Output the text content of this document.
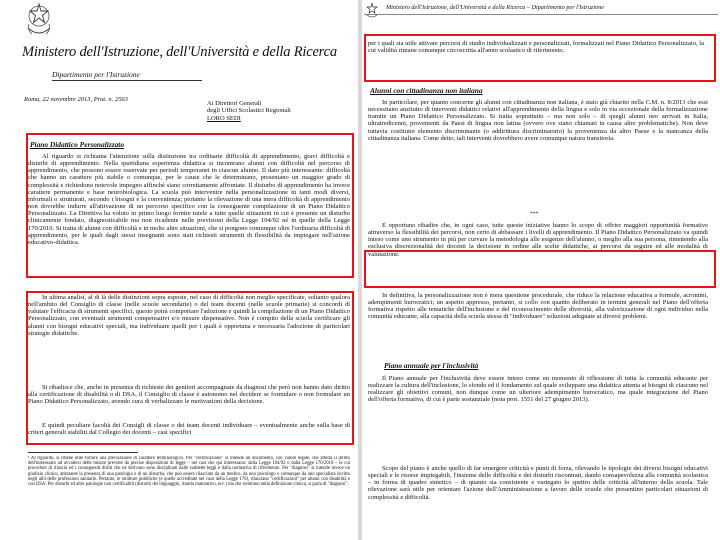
Ministero dell'Istruzione, dell'Università e della Ricerca
Dipartimento per l'Istruzione
Roma, 22 novembre 2013, Prot. n. 2563
Ai Direttori Generali
degli Uffici Scolastici Regionali
LORO SEDI
Piano Didattico Personalizzato
Al riguardo si richiama l'attenzione sulla distinzione tra ordinarie difficoltà di apprendimento, gravi difficoltà e disturbi di apprendimento. Nella quotidiana esperienza didattica si incontrano alunni con difficoltà nel percorso di apprendimento, che possono essere osservate per periodi temporanei in ciascun alunno. Il dato più interessante: difficoltà che hanno un carattere più stabile o comunque, per le cause che le determinano, presentano un maggior grado di complessità e richiedono notevole impegno affinché siano correttamente affrontate. Il disturbo di apprendimento ha invece carattere permanente e base neurobiologica. La scuola può intervenire nella personalizzazione in tanti modi diversi, informali o strutturati, secondo i bisogni e la convenienza; pertanto la rilevazione di una mera difficoltà di apprendimento non dovrebbe indurre all'attivazione di un percorso specifico con la conseguente compilazione di un Piano Didattico Personalizzato. La Direttiva ha voluto in primo luogo fornire tutele a tutte quelle situazioni in cui è presente un disturbo clinicamente fondato, diagnosticabile ma non ricadente nelle previsioni della Legge 104/92 né in quelle della Legge 170/2010. Si tratta di alunni con difficoltà e in molte altre situazioni, che si pongono comunque oltre l'ordinaria difficoltà di apprendimento, per le quali dagli stessi insegnanti sono stati richiesti strumenti di flessibilità da impiegare nell'azione educativo-didattica.
In ultima analisi, al di là delle distinzioni sopra esposte, nel caso di difficoltà non meglio specificate, soltanto qualora nell'ambito del Consiglio di classe (nelle scuole secondarie) o del team docenti (nelle scuole primarie) si concordi di valutare l'efficacia di strumenti specifici, questo potrà comportare l'adozione e quindi la compilazione di un Piano Didattico Personalizzato, con eventuali strumenti compensativi e/o misure dispensative. Non è compito della scuola certificare gli alunni con bisogni educativi speciali, ma individuare quelli per i quali è opportuna e necessaria l'adozione di particolari strategie didattiche.
Si ribadisce che, anche in presenza di richieste dei genitori accompagnate da diagnosi che però non hanno dato diritto alla certificazione di disabilità o di DSA, il Consiglio di classe è autonomo nel decidere se formulare o non formulare un Piano Didattico Personalizzato, avendo cura di verbalizzare le motivazioni della decisione.
È quindi peculiare facoltà dei Consigli di classe o dei team docenti individuare – eventualmente anche sulla base di criteri generali stabiliti dal Collegio dei docenti – casi specifici
¹ Al riguardo, si ritiene utile fornire una precisazione di carattere terminologico. Per "certificazione" si intende un documento, con valore legale, che attesta il diritto dell'interessato ad avvalersi delle misure previste da precise disposizioni di legge – nei casi che qui interessano: dalla Legge 104/92 o dalla Legge 170/2010 – le cui procedure di rilascio ed i conseguenti diritti che ne derivano sono disciplinati dalle suddette leggi e dalla normativa di riferimento. Per "diagnosi" si intende invece un giudizio clinico, attestante la presenza di una patologia o di un disturbo, che può essere rilasciato da un medico, da uno psicologo o comunque da uno specialista iscritto negli albi delle professioni sanitarie. Pertanto, le strutture pubbliche (e quelle accreditate nel caso della Legge 170), rilasciano "certificazioni" per alunni con disabilità e con DSA. Per disturbi ed altre patologie non certificabili (disturbi del linguaggio, ritardo maturativo, ecc.) ma che rientrano nella definizione clinica, si parla di "diagnosi".
Ministero dell'Istruzione, dell'Università e della Ricerca – Dipartimento per l'Istruzione
per i quali sia utile attivare percorsi di studio individualizzati e personalizzati, formalizzati nel Piano Didattico Personalizzato, la cui validità rimane comunque circoscritta all'anno scolastico di riferimento.
Alunni con cittadinanza non italiana
In particolare, per quanto concerne gli alunni con cittadinanza non italiana, è stato già chiarito nella C.M. n. 8/2013 che essi necessitano anzitutto di interventi didattici relativi all'apprendimento della lingua e solo in via eccezionale della formalizzazione tramite un Piano Didattico Personalizzato. Si tratta soprattutto – ma non solo – di quegli alunni neo arrivati in Italia, ultratredicenni, provenienti da Paesi di lingua non latina (ovvero ove siano chiamati in causa altre problematiche). Non deve tuttavia costituire elemento discriminante (o addirittura discriminatorio) la provenienza da altro Paese e la mancanza della cittadinanza italiana. Come detto, tali interventi dovrebbero avere comunque natura transitoria.
***
È opportuno ribadire che, in ogni caso, tutte queste iniziative hanno lo scopo di offrire maggiori opportunità formative attraverso la flessibilità dei percorsi, non certo di abbassare i livelli di apprendimento. Il Piano Didattico Personalizzato va quindi inteso come uno strumento in più per curvare la metodologia alle esigenze dell'alunno, o meglio alla sua persona, rimettendo alla esclusiva discrezionalità dei docenti la decisione in ordine alle scelte didattiche, ai percorsi da seguire ed alle modalità di valutazione.
In definitiva, la personalizzazione non è mera questione procedurale, che riduce la relazione educativa a formule, acronimi, adempimenti burocratici; un aspetto appresso, pertanto, si collo con quanto deliberato in termini generali nel Piano dell'offerta formativa rispetto alle tematiche dell'inclusione e del riconoscimento delle diversità, alla valorizzazione di ogni individuo nella comunità educante, alla capacità della scuola stessa di "individuare" soluzioni adeguate ai diversi problemi.
Piano annuale per l'inclusività
Il Piano annuale per l'inclusività deve essere inteso come un momento di riflessione di tutta la comunità educante per realizzare la cultura dell'inclusione, lo sfondo ed il fondamento sul quale sviluppare una didattica attenta ai bisogni di ciascuno nel realizzare gli obiettivi comuni, non dunque come un ulteriore adempimento burocratico, ma quale integrazione del Piano dell'offerta formativa, di cui è parte sostanziale (nota prot. 1551 del 27 giugno 2013).
Scopo del piano è anche quello di far emergere criticità e punti di forza, rilevando le tipologie dei diversi bisogni educativi speciali e le risorse impiegabili, l'insieme delle difficoltà e dei disturbi riscontrati, dando consapevolezza alla comunità scolastica – in forma di quadro sintetico – di quanto sia consistente e variegato lo spettro delle criticità all'interno della scuola. Tale rilevazione sarà utile per orientare l'azione dell'Amministrazione a favore delle scuole che presentino particolari situazioni di complessità e difficoltà.
